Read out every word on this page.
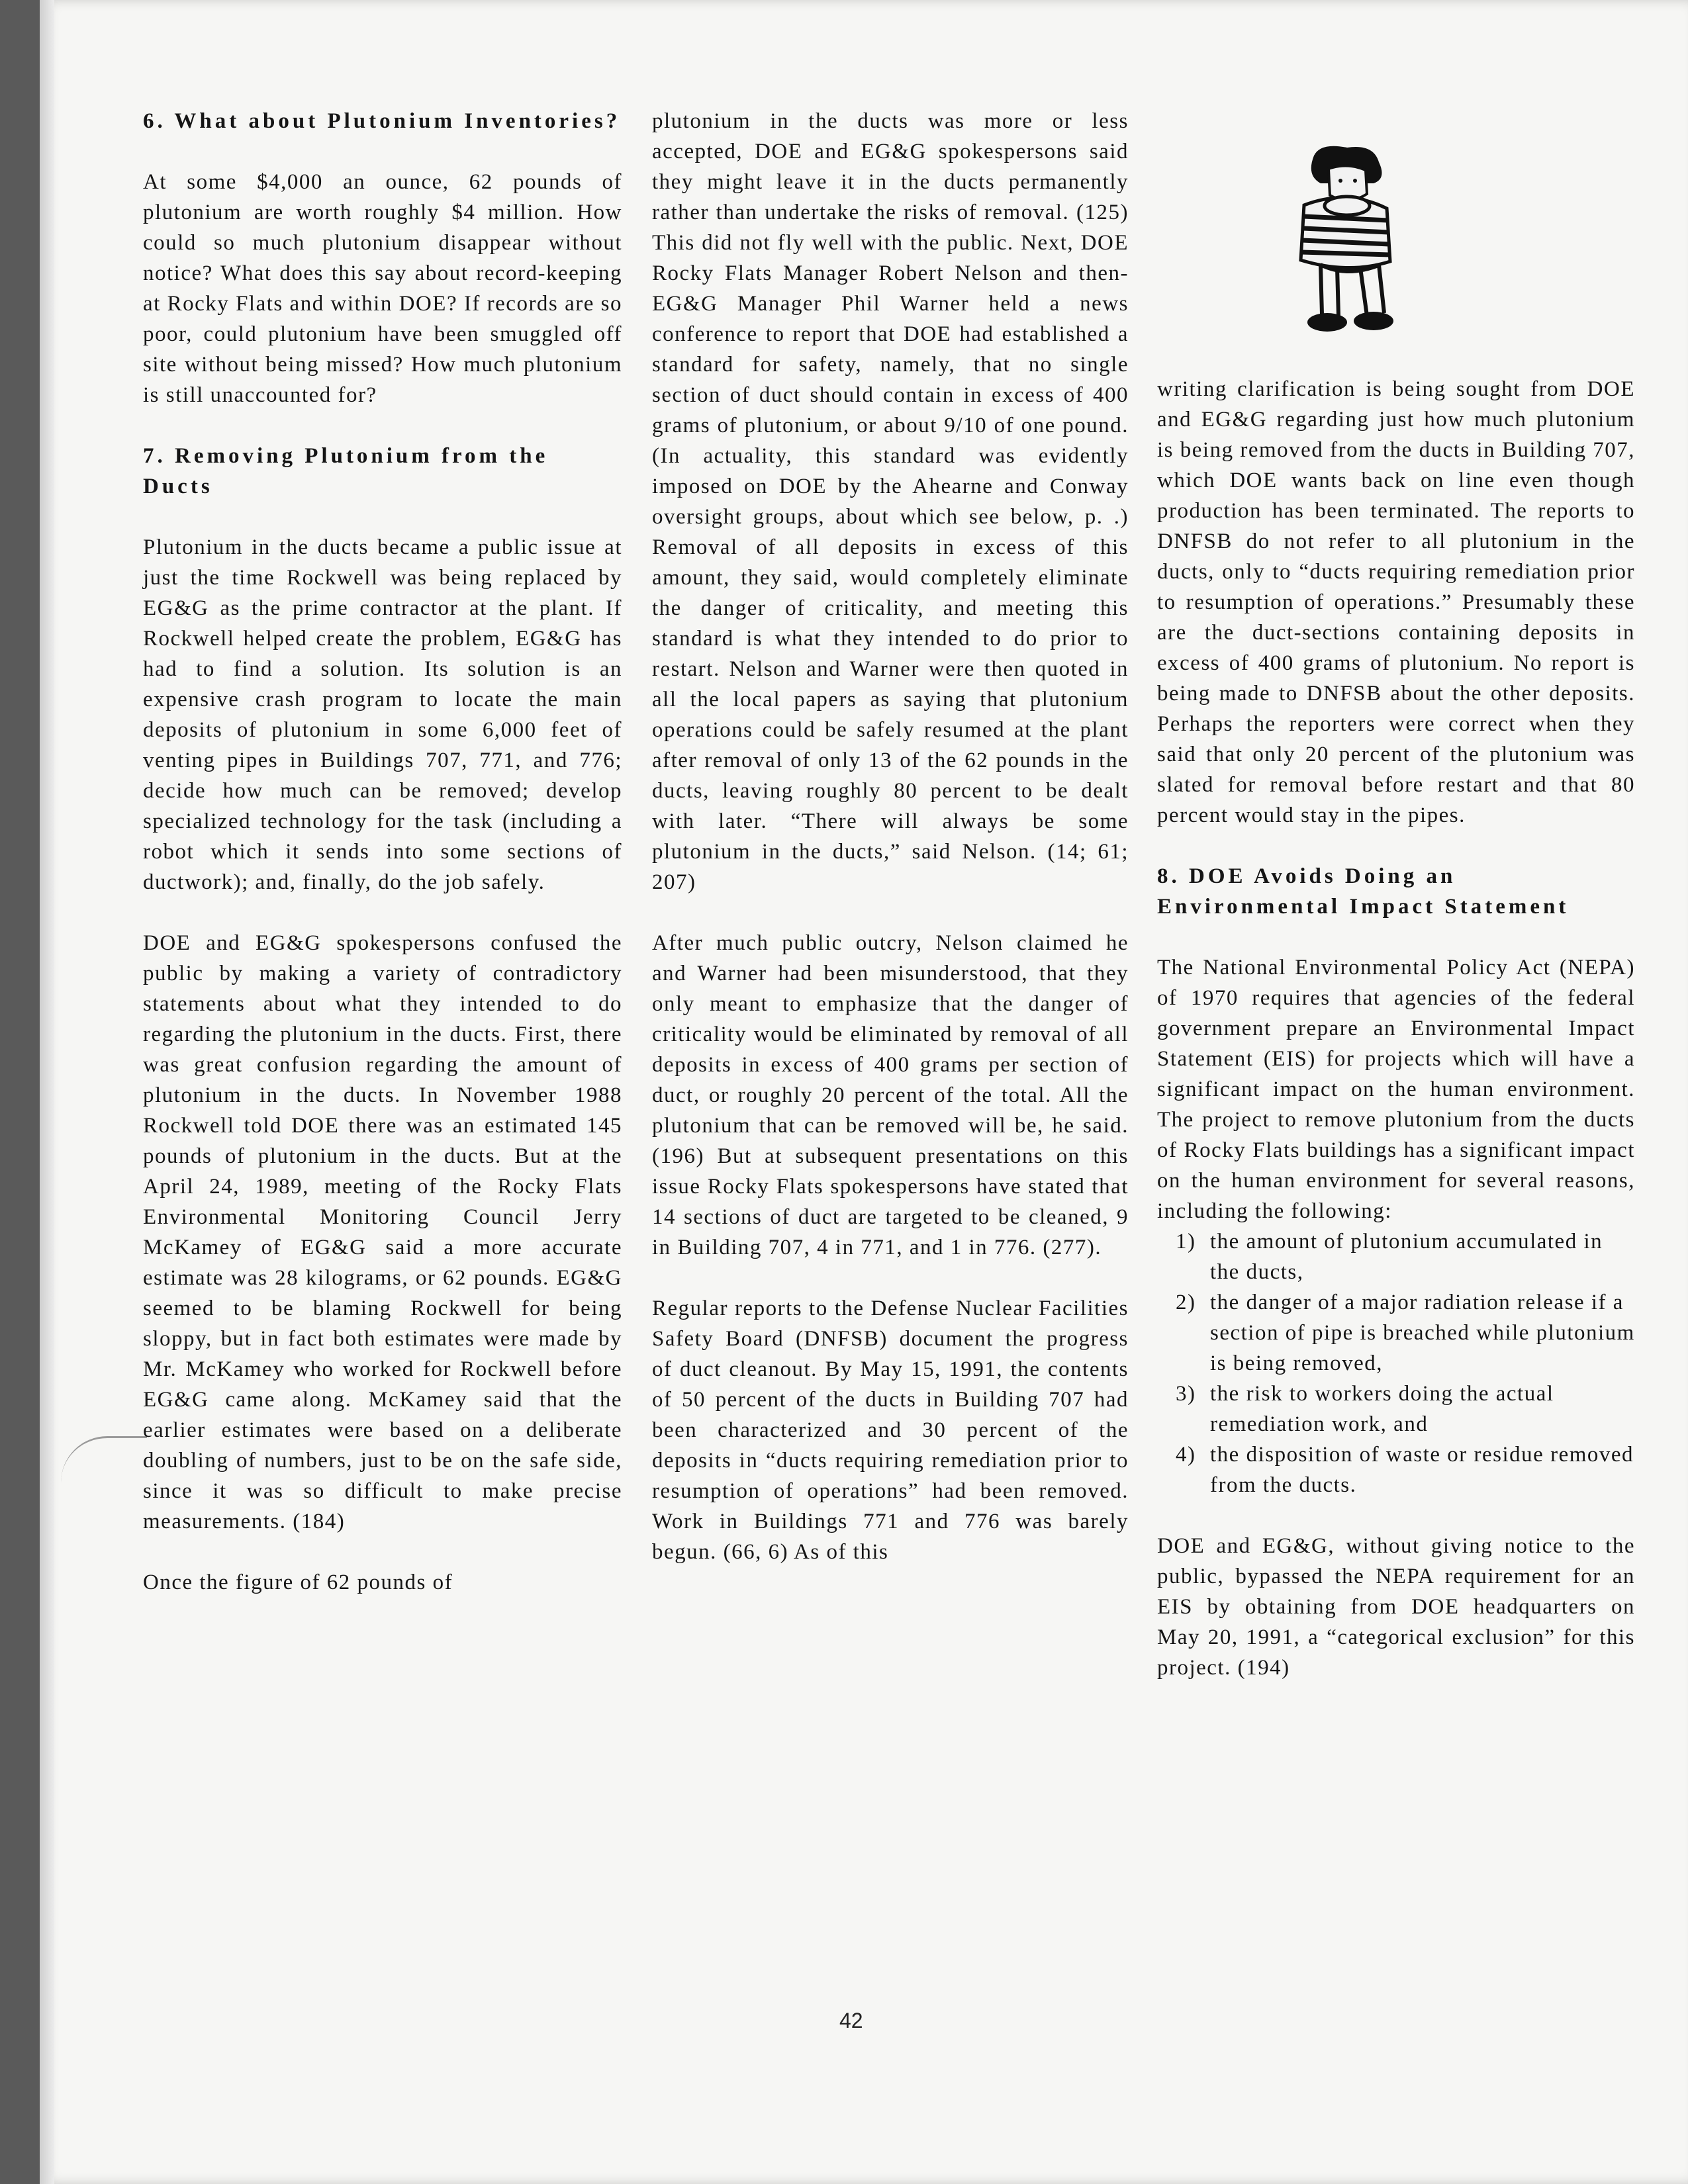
6. What about Plutonium Inventories?

At some $4,000 an ounce, 62 pounds of plutonium are worth roughly $4 million. How could so much plutonium disappear without notice? What does this say about record-keeping at Rocky Flats and within DOE? If records are so poor, could plutonium have been smuggled off site without being missed? How much plutonium is still unaccounted for?

7. Removing Plutonium from the Ducts

Plutonium in the ducts became a public issue at just the time Rockwell was being replaced by EG&G as the prime contractor at the plant. If Rockwell helped create the problem, EG&G has had to find a solution. Its solution is an expensive crash program to locate the main deposits of plutonium in some 6,000 feet of venting pipes in Buildings 707, 771, and 776; decide how much can be removed; develop specialized technology for the task (including a robot which it sends into some sections of ductwork); and, finally, do the job safely.

DOE and EG&G spokespersons confused the public by making a variety of contradictory statements about what they intended to do regarding the plutonium in the ducts. First, there was great confusion regarding the amount of plutonium in the ducts. In November 1988 Rockwell told DOE there was an estimated 145 pounds of plutonium in the ducts. But at the April 24, 1989, meeting of the Rocky Flats Environmental Monitoring Council Jerry McKamey of EG&G said a more accurate estimate was 28 kilograms, or 62 pounds. EG&G seemed to be blaming Rockwell for being sloppy, but in fact both estimates were made by Mr. McKamey who worked for Rockwell before EG&G came along. McKamey said that the earlier estimates were based on a deliberate doubling of numbers, just to be on the safe side, since it was so difficult to make precise measurements. (184)

Once the figure of 62 pounds of

plutonium in the ducts was more or less accepted, DOE and EG&G spokespersons said they might leave it in the ducts permanently rather than undertake the risks of removal. (125) This did not fly well with the public. Next, DOE Rocky Flats Manager Robert Nelson and then-EG&G Manager Phil Warner held a news conference to report that DOE had established a standard for safety, namely, that no single section of duct should contain in excess of 400 grams of plutonium, or about 9/10 of one pound. (In actuality, this standard was evidently imposed on DOE by the Ahearne and Conway oversight groups, about which see below, p. .) Removal of all deposits in excess of this amount, they said, would completely eliminate the danger of criticality, and meeting this standard is what they intended to do prior to restart. Nelson and Warner were then quoted in all the local papers as saying that plutonium operations could be safely resumed at the plant after removal of only 13 of the 62 pounds in the ducts, leaving roughly 80 percent to be dealt with later. “There will always be some plutonium in the ducts,” said Nelson. (14; 61; 207)

After much public outcry, Nelson claimed he and Warner had been misunderstood, that they only meant to emphasize that the danger of criticality would be eliminated by removal of all deposits in excess of 400 grams per section of duct, or roughly 20 percent of the total. All the plutonium that can be removed will be, he said. (196) But at subsequent presentations on this issue Rocky Flats spokespersons have stated that 14 sections of duct are targeted to be cleaned, 9 in Building 707, 4 in 771, and 1 in 776. (277).

Regular reports to the Defense Nuclear Facilities Safety Board (DNFSB) document the progress of duct cleanout. By May 15, 1991, the contents of 50 percent of the ducts in Building 707 had been characterized and 30 percent of the deposits in “ducts requiring remediation prior to resumption of operations” had been removed. Work in Buildings 771 and 776 was barely begun. (66, 6) As of this

writing clarification is being sought from DOE and EG&G regarding just how much plutonium is being removed from the ducts in Building 707, which DOE wants back on line even though production has been terminated. The reports to DNFSB do not refer to all plutonium in the ducts, only to “ducts requiring remediation prior to resumption of operations.” Presumably these are the duct-sections containing deposits in excess of 400 grams of plutonium. No report is being made to DNFSB about the other deposits. Perhaps the reporters were correct when they said that only 20 percent of the plutonium was slated for removal before restart and that 80 percent would stay in the pipes.

8. DOE Avoids Doing an Environmental Impact Statement

The National Environmental Policy Act (NEPA) of 1970 requires that agencies of the federal government prepare an Environmental Impact Statement (EIS) for projects which will have a significant impact on the human environment. The project to remove plutonium from the ducts of Rocky Flats buildings has a significant impact on the human environment for several reasons, including the following:

1) the amount of plutonium accumulated in the ducts,
2) the danger of a major radiation release if a section of pipe is breached while plutonium is being removed,
3) the risk to workers doing the actual remediation work, and
4) the disposition of waste or residue removed from the ducts.

DOE and EG&G, without giving notice to the public, bypassed the NEPA requirement for an EIS by obtaining from DOE headquarters on May 20, 1991, a “categorical exclusion” for this project. (194)

42
